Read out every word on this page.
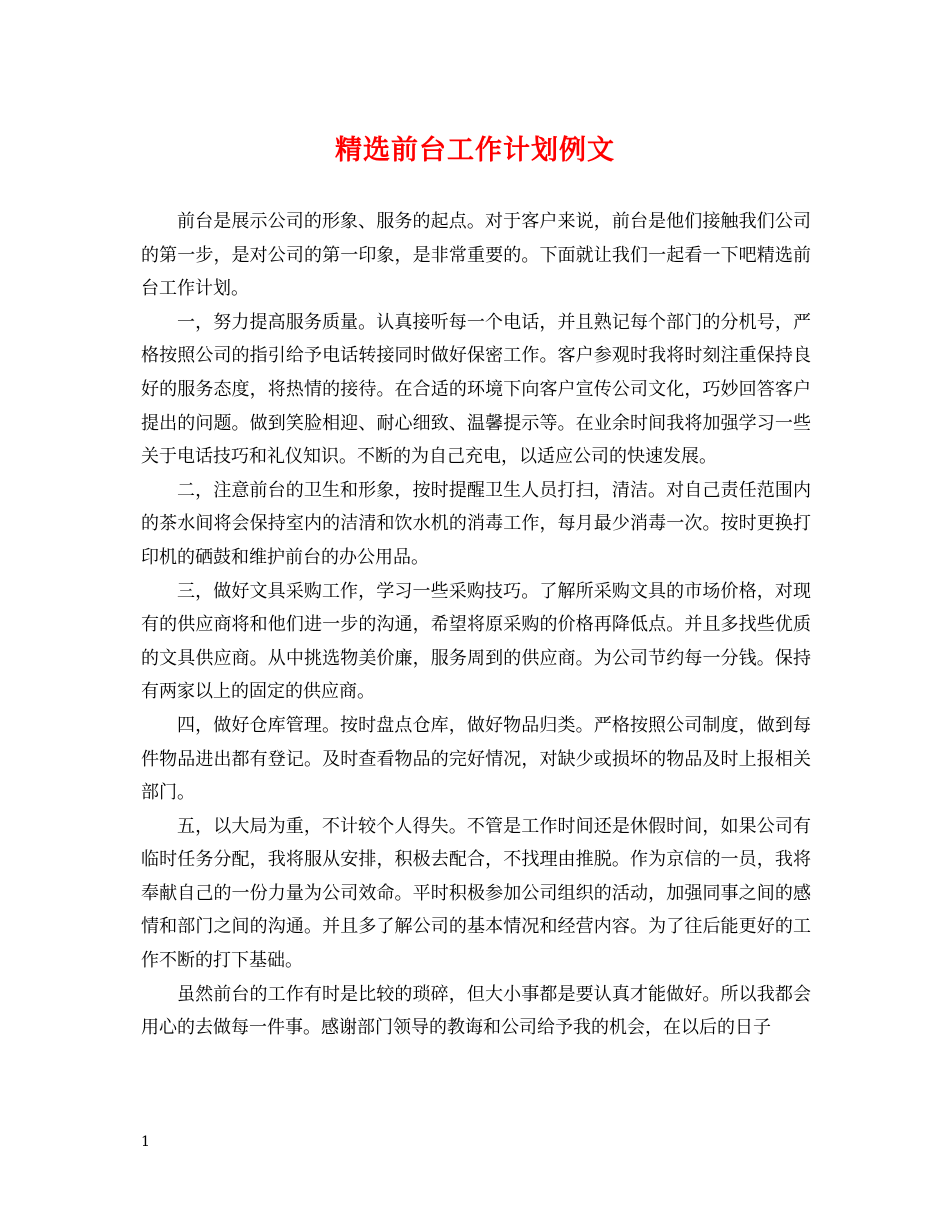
精选前台工作计划例文

前台是展示公司的形象、服务的起点。对于客户来说，前台是他们接触我们公司的第一步，是对公司的第一印象，是非常重要的。下面就让我们一起看一下吧精选前台工作计划。

一，努力提高服务质量。认真接听每一个电话，并且熟记每个部门的分机号，严格按照公司的指引给予电话转接同时做好保密工作。客户参观时我将时刻注重保持良好的服务态度，将热情的接待。在合适的环境下向客户宣传公司文化，巧妙回答客户提出的问题。做到笑脸相迎、耐心细致、温馨提示等。在业余时间我将加强学习一些关于电话技巧和礼仪知识。不断的为自己充电，以适应公司的快速发展。

二，注意前台的卫生和形象，按时提醒卫生人员打扫，清洁。对自己责任范围内的茶水间将会保持室内的洁清和饮水机的消毒工作，每月最少消毒一次。按时更换打印机的硒鼓和维护前台的办公用品。

三，做好文具采购工作，学习一些采购技巧。了解所采购文具的市场价格，对现有的供应商将和他们进一步的沟通，希望将原采购的价格再降低点。并且多找些优质的文具供应商。从中挑选物美价廉，服务周到的供应商。为公司节约每一分钱。保持有两家以上的固定的供应商。

四，做好仓库管理。按时盘点仓库，做好物品归类。严格按照公司制度，做到每件物品进出都有登记。及时查看物品的完好情况，对缺少或损坏的物品及时上报相关部门。

五，以大局为重，不计较个人得失。不管是工作时间还是休假时间，如果公司有临时任务分配，我将服从安排，积极去配合，不找理由推脱。作为京信的一员，我将奉献自己的一份力量为公司效命。平时积极参加公司组织的活动，加强同事之间的感情和部门之间的沟通。并且多了解公司的基本情况和经营内容。为了往后能更好的工作不断的打下基础。

虽然前台的工作有时是比较的琐碎，但大小事都是要认真才能做好。所以我都会用心的去做每一件事。感谢部门领导的教诲和公司给予我的机会，在以后的日子

1
